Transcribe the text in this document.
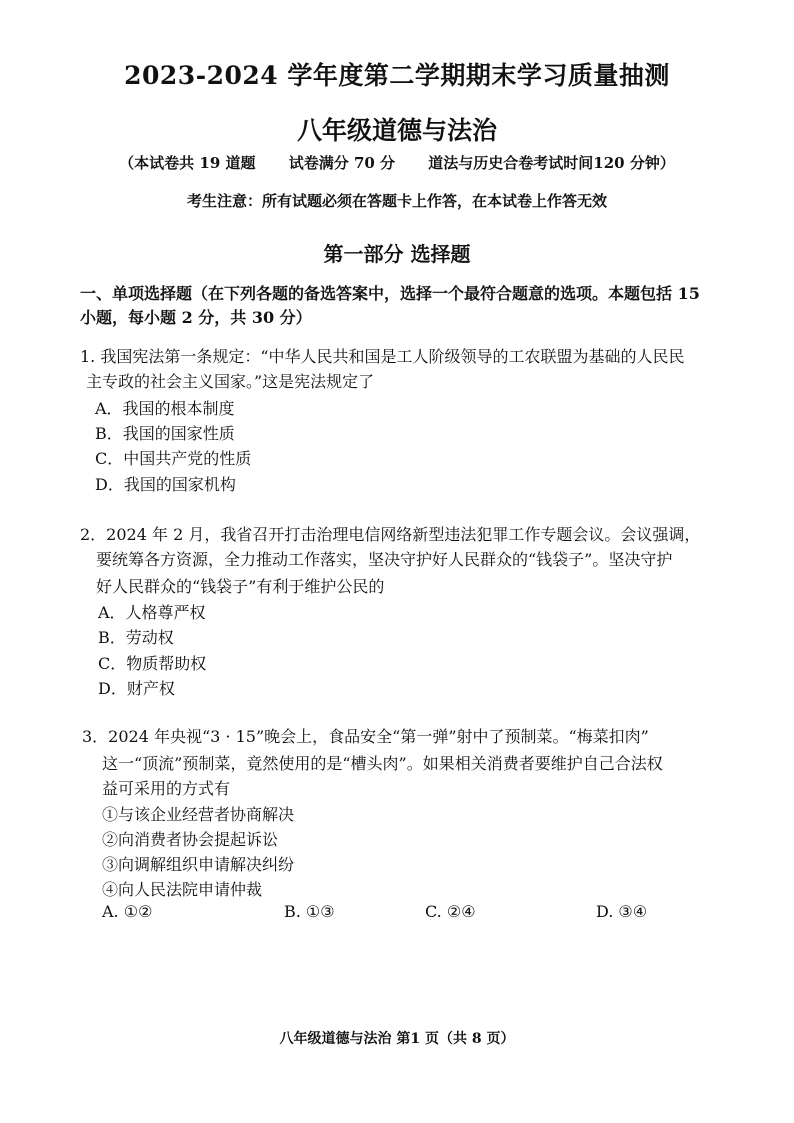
2023-2024 学年度第二学期期末学习质量抽测
八年级道德与法治
（本试卷共 19 道题 试卷满分 70 分 道法与历史合卷考试时间120 分钟）
考生注意：所有试题必须在答题卡上作答，在本试卷上作答无效
第一部分 选择题
一、单项选择题（在下列各题的备选答案中，选择一个最符合题意的选项。本题包括 15
小题，每小题 2 分，共 30 分）
1. 我国宪法第一条规定：“中华人民共和国是工人阶级领导的工农联盟为基础的人民民
主专政的社会主义国家。”这是宪法规定了
A．我国的根本制度
B．我国的国家性质
C．中国共产党的性质
D．我国的国家机构
2．2024 年 2 月，我省召开打击治理电信网络新型违法犯罪工作专题会议。会议强调，
要统筹各方资源，全力推动工作落实，坚决守护好人民群众的“钱袋子”。坚决守护
好人民群众的“钱袋子”有利于维护公民的
A．人格尊严权
B．劳动权
C．物质帮助权
D．财产权
3．2024 年央视“3 · 15”晚会上，食品安全“第一弹”射中了预制菜。“梅菜扣肉”
这一“顶流”预制菜，竟然使用的是“槽头肉”。如果相关消费者要维护自己合法权
益可采用的方式有
①与该企业经营者协商解决
②向消费者协会提起诉讼
③向调解组织申请解决纠纷
④向人民法院申请仲裁
A. ①②	B. ①③	C. ②④	D. ③④
八年级道德与法治 第1 页（共 8 页）
